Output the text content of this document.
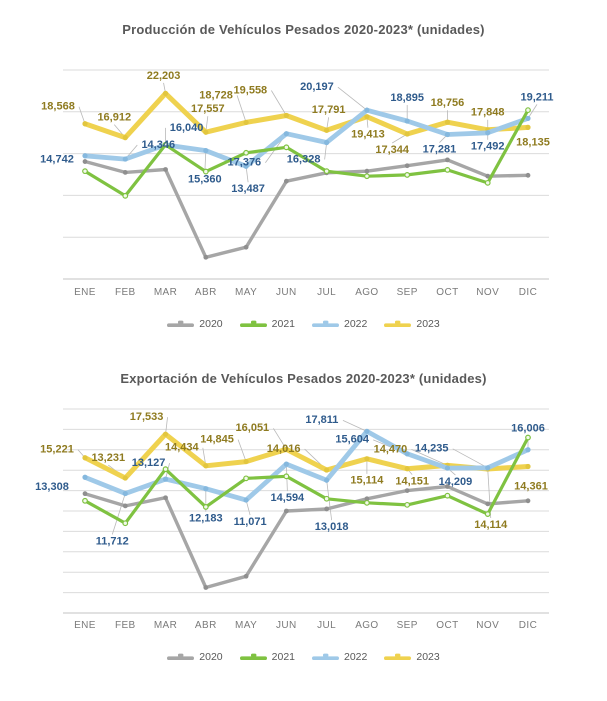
Producción de Vehículos Pesados 2020-2023* (unidades)
14,742
14,346
16,040
15,360
13,487
17,376 16,328
20,197
18,895
17,281 17,492
19,211
18,568
16,912
22,203
17,557
18,728 19,558
17,791
19,413
17,344
18,756
17,848
18,135
13,308
11,712
13,127
12,183 11,071
14,594
13,018
17,811
15,604
14,209
14,235
16,006
15,221
13,231
17,533
14,434
14,845
16,051
14,016
15,114 14,151
14,470
14,114
14,361
ENE FEB MAR ABR MAY JUN JUL AGO SEP OCT NOV DIC
2020	2021	2022	2023
Exportación de Vehículos Pesados 2020-2023* (unidades)
ENE FEB MAR ABR MAY JUN JUL AGO SEP OCT NOV DIC
2020	2021	2022	2023
